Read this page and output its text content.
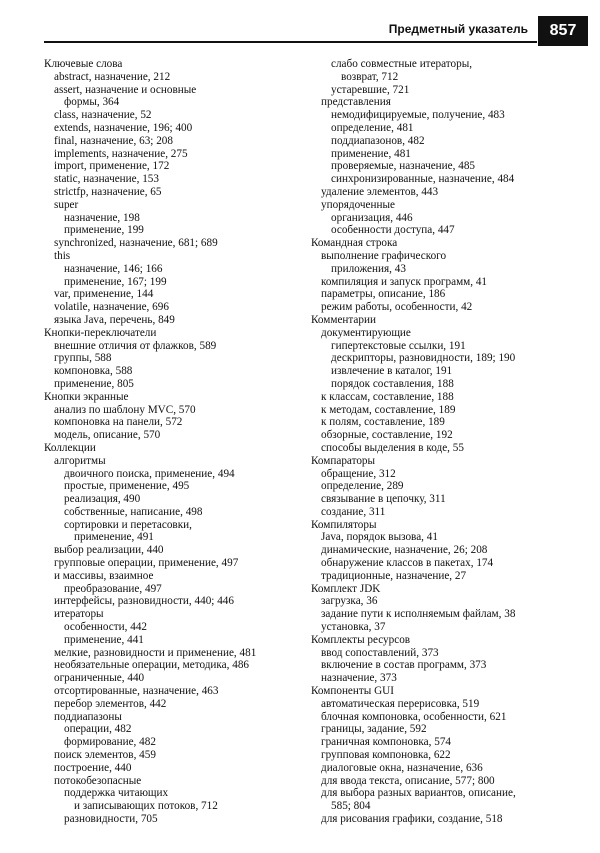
Предметный указатель	857
Ключевые слова
abstract, назначение, 212
assert, назначение и основные
формы, 364
class, назначение, 52
extends, назначение, 196; 400
final, назначение, 63; 208
implements, назначение, 275
import, применение, 172
static, назначение, 153
strictfp, назначение, 65
super
назначение, 198
применение, 199
synchronized, назначение, 681; 689
this
назначение, 146; 166
применение, 167; 199
var, применение, 144
volatile, назначение, 696
языка Java, перечень, 849
Кнопки-переключатели
внешние отличия от флажков, 589
группы, 588
компоновка, 588
применение, 805
Кнопки экранные
анализ по шаблону MVC, 570
компоновка на панели, 572
модель, описание, 570
Коллекции
алгоритмы
двоичного поиска, применение, 494
простые, применение, 495
реализация, 490
собственные, написание, 498
сортировки и перетасовки,
применение, 491
выбор реализации, 440
групповые операции, применение, 497
и массивы, взаимное
преобразование, 497
интерфейсы, разновидности, 440; 446
итераторы
особенности, 442
применение, 441
мелкие, разновидности и применение, 481
необязательные операции, методика, 486
ограниченные, 440
отсортированные, назначение, 463
перебор элементов, 442
поддиапазоны
операции, 482
формирование, 482
поиск элементов, 459
построение, 440
потокобезопасные
поддержка читающих
и записывающих потоков, 712
разновидности, 705
слабо совместные итераторы,
возврат, 712
устаревшие, 721
представления
немодифицируемые, получение, 483
определение, 481
поддиапазонов, 482
применение, 481
проверяемые, назначение, 485
синхронизированные, назначение, 484
удаление элементов, 443
упорядоченные
организация, 446
особенности доступа, 447
Командная строка
выполнение графического
приложения, 43
компиляция и запуск программ, 41
параметры, описание, 186
режим работы, особенности, 42
Комментарии
документирующие
гипертекстовые ссылки, 191
дескрипторы, разновидности, 189; 190
извлечение в каталог, 191
порядок составления, 188
к классам, составление, 188
к методам, составление, 189
к полям, составление, 189
обзорные, составление, 192
способы выделения в коде, 55
Компараторы
обращение, 312
определение, 289
связывание в цепочку, 311
создание, 311
Компиляторы
Java, порядок вызова, 41
динамические, назначение, 26; 208
обнаружение классов в пакетах, 174
традиционные, назначение, 27
Комплект JDK
загрузка, 36
задание пути к исполняемым файлам, 38
установка, 37
Комплекты ресурсов
ввод сопоставлений, 373
включение в состав программ, 373
назначение, 373
Компоненты GUI
автоматическая перерисовка, 519
блочная компоновка, особенности, 621
границы, задание, 592
граничная компоновка, 574
групповая компоновка, 622
диалоговые окна, назначение, 636
для ввода текста, описание, 577; 800
для выбора разных вариантов, описание,
585; 804
для рисования графики, создание, 518
